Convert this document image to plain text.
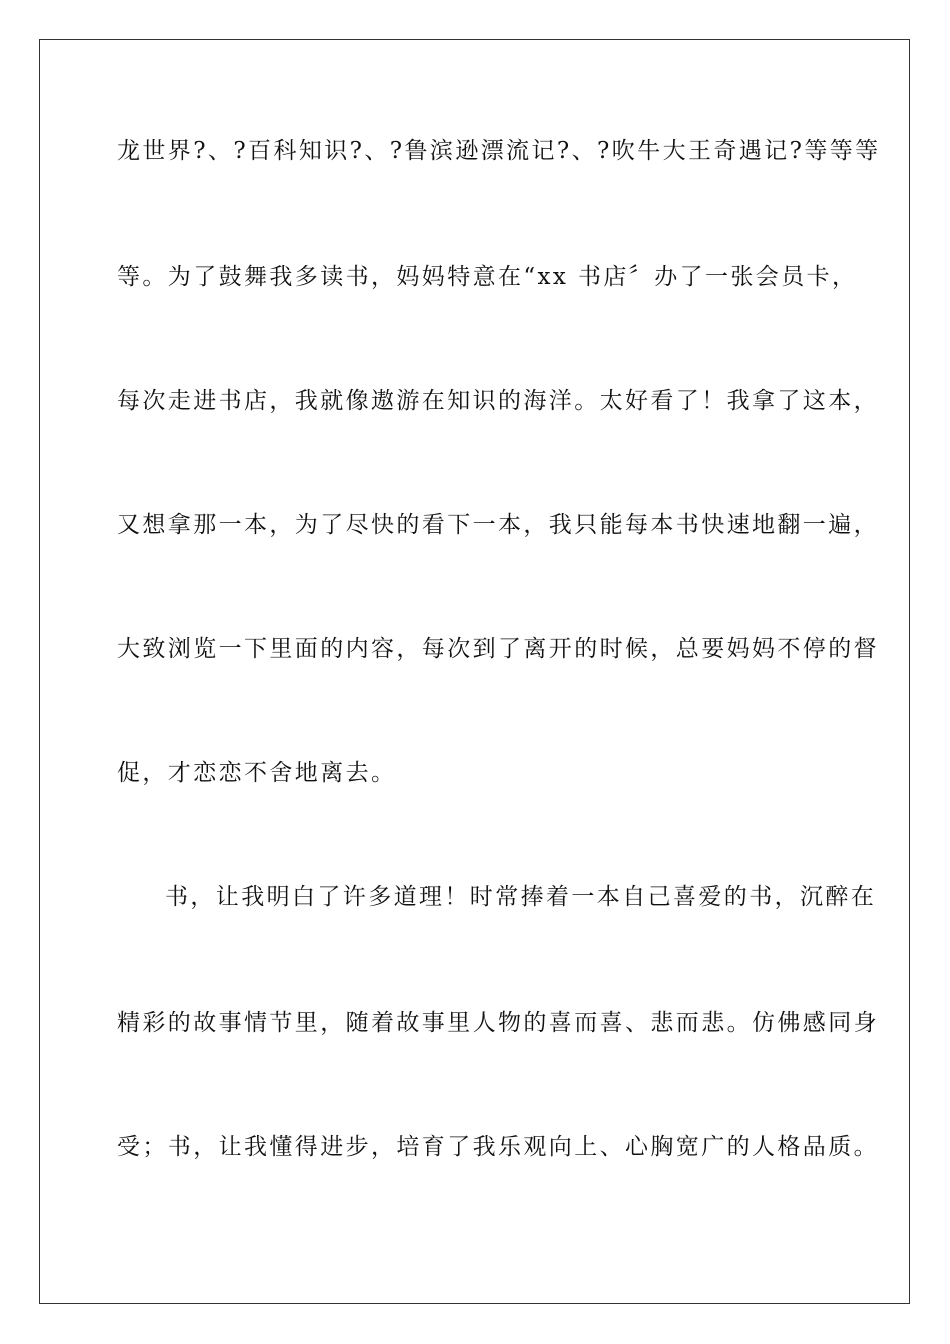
龙世界?、?百科知识?、?鲁滨逊漂流记?、?吹牛大王奇遇记?等等等
等。为了鼓舞我多读书，妈妈特意在“xx 书店〞办了一张会员卡，
每次走进书店，我就像遨游在知识的海洋。太好看了！我拿了这本，
又想拿那一本，为了尽快的看下一本，我只能每本书快速地翻一遍，
大致浏览一下里面的内容，每次到了离开的时候，总要妈妈不停的督
促，才恋恋不舍地离去。
书，让我明白了许多道理！时常捧着一本自己喜爱的书，沉醉在
精彩的故事情节里，随着故事里人物的喜而喜、悲而悲。仿佛感同身
受；书，让我懂得进步，培育了我乐观向上、心胸宽广的人格品质。
